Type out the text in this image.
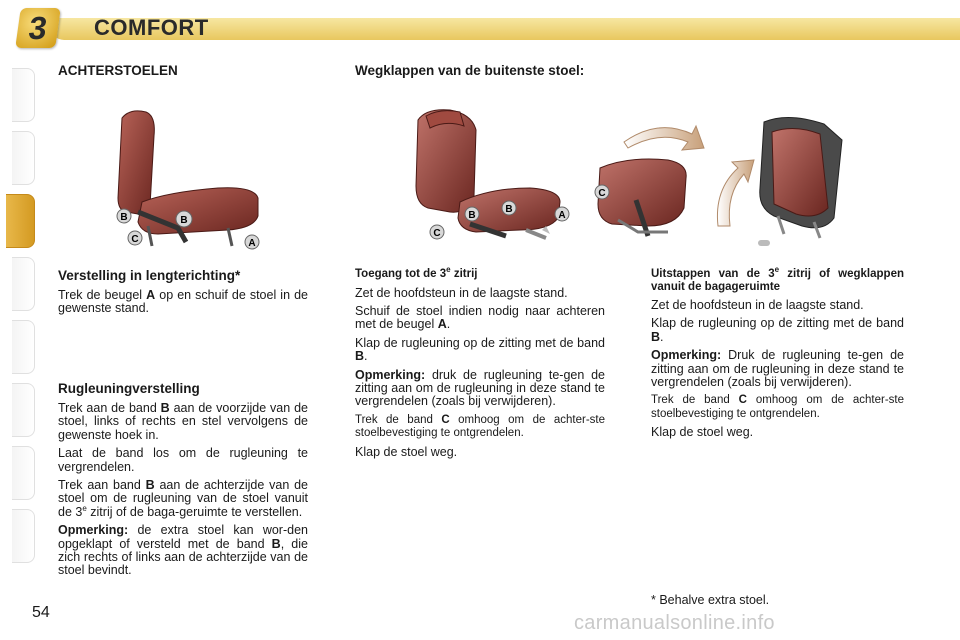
3 COMFORT
ACHTERSTOELEN
B	B
C	A
Verstelling in lengterichting*

Trek de beugel A op en schuif de stoel in de gewenste stand.

Rugleuningverstelling

Trek aan de band B aan de voorzijde van de stoel, links of rechts en stel vervolgens de gewenste hoek in.

Laat de band los om de rugleuning te vergrendelen.

Trek aan band B aan de achterzijde van de stoel om de rugleuning van de stoel vanuit de 3e zitrij of de baga-geruimte te verstellen.

Opmerking: de extra stoel kan wor-den opgeklapt of versteld met de band B, die zich rechts of links aan de achterzijde van de stoel bevindt.

Wegklappen van de buitenste stoel:
B
B
C
A
C
Toegang tot de 3e zitrij

Zet de hoofdsteun in de laagste stand.

Schuif de stoel indien nodig naar achteren met de beugel A.

Klap de rugleuning op de zitting met de band B.

Opmerking: druk de rugleuning te-gen de zitting aan om de rugleuning in deze stand te vergrendelen (zoals bij verwijderen).

Trek de band C omhoog om de achter-ste stoelbevestiging te ontgrendelen.

Klap de stoel weg.

Uitstappen van de 3e zitrij of wegklappen vanuit de bagageruimte

Zet de hoofdsteun in de laagste stand.

Klap de rugleuning op de zitting met de band B.

Opmerking: Druk de rugleuning te-gen de zitting aan om de rugleuning in deze stand te vergrendelen (zoals bij verwijderen).

Trek de band C omhoog om de achter-ste stoelbevestiging te ontgrendelen.

Klap de stoel weg.

* Behalve extra stoel.
54	carmanualsonline.info
